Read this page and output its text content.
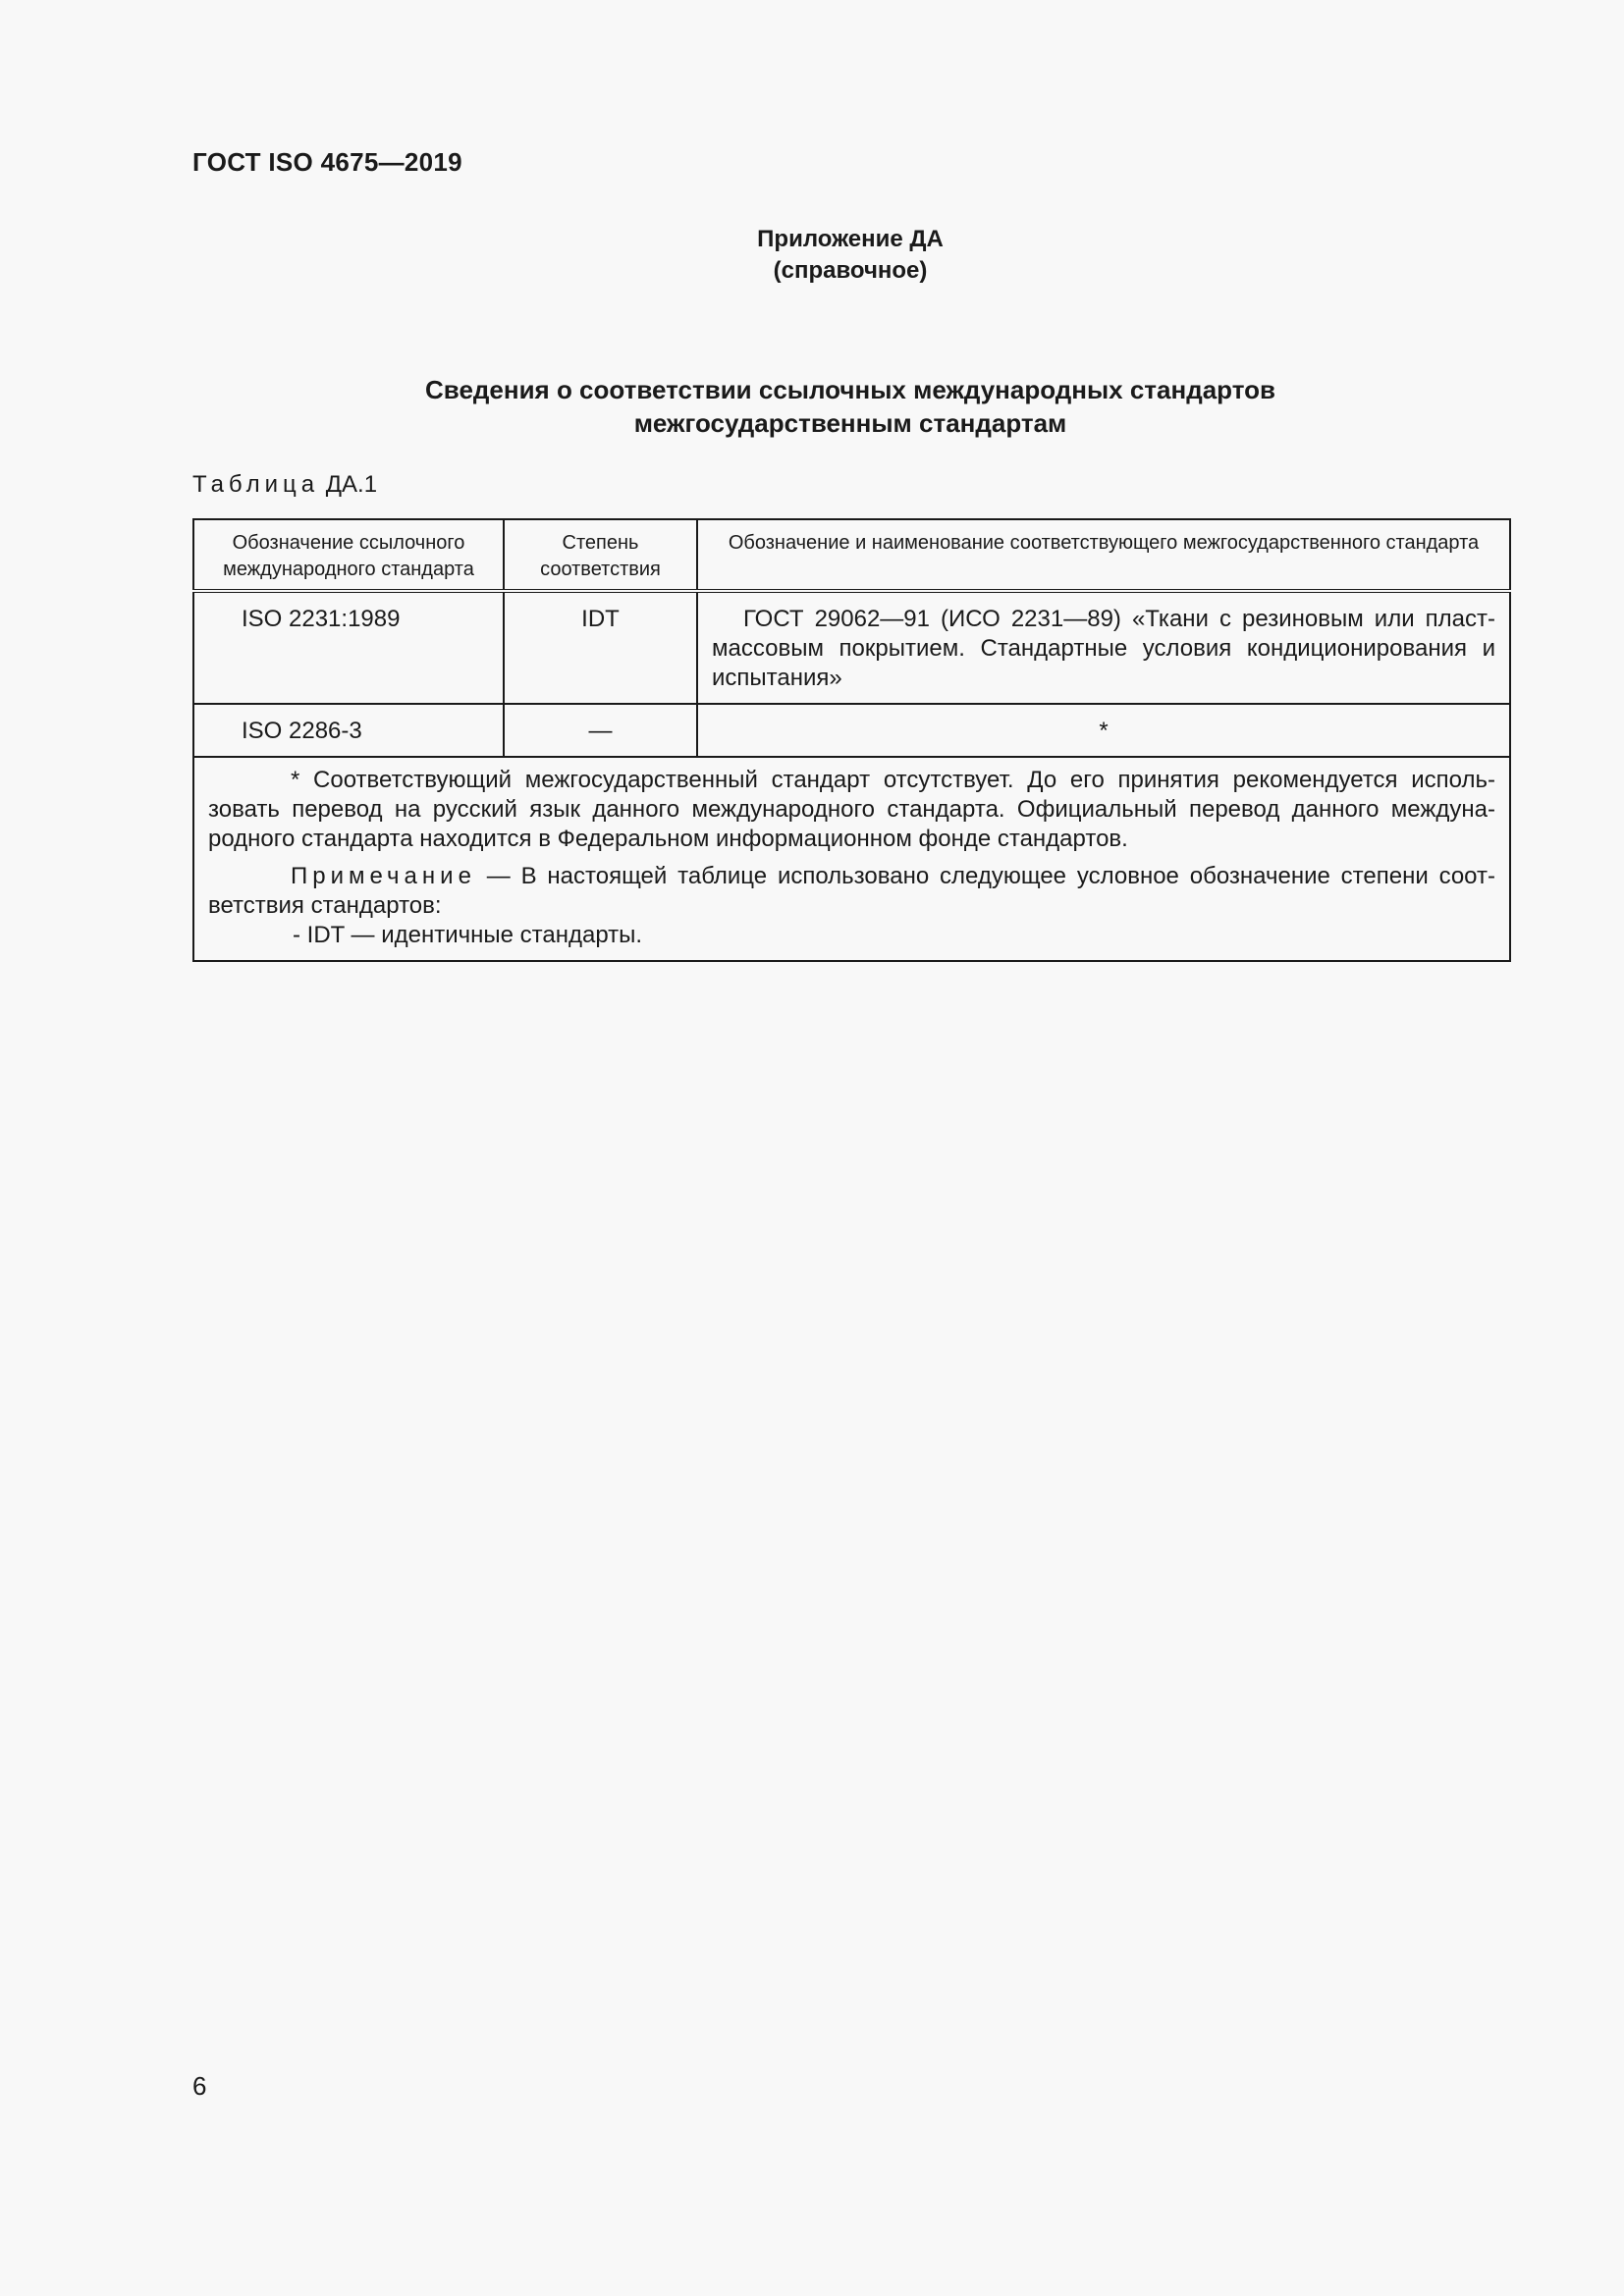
ГОСТ ISO 4675—2019
Приложение ДА
(справочное)
Сведения о соответствии ссылочных международных стандартов
межгосударственным стандартам
Таблица ДА.1
Обозначение ссылочного международного стандарта	Степень соответствия	Обозначение и наименование соответствующего межгосударственного стандарта
ISO 2231:1989	IDT	ГОСТ 29062—91 (ИСО 2231—89) «Ткани с резиновым или пласт-массовым покрытием. Стандартные условия кондиционирования и испытания»
ISO 2286-3	—	*

* Соответствующий межгосударственный стандарт отсутствует. До его принятия рекомендуется исполь-зовать перевод на русский язык данного международного стандарта. Официальный перевод данного междуна-родного стандарта находится в Федеральном информационном фонде стандартов.

Примечание — В настоящей таблице использовано следующее условное обозначение степени соот-ветствия стандартов:
- IDT — идентичные стандарты.		

6
